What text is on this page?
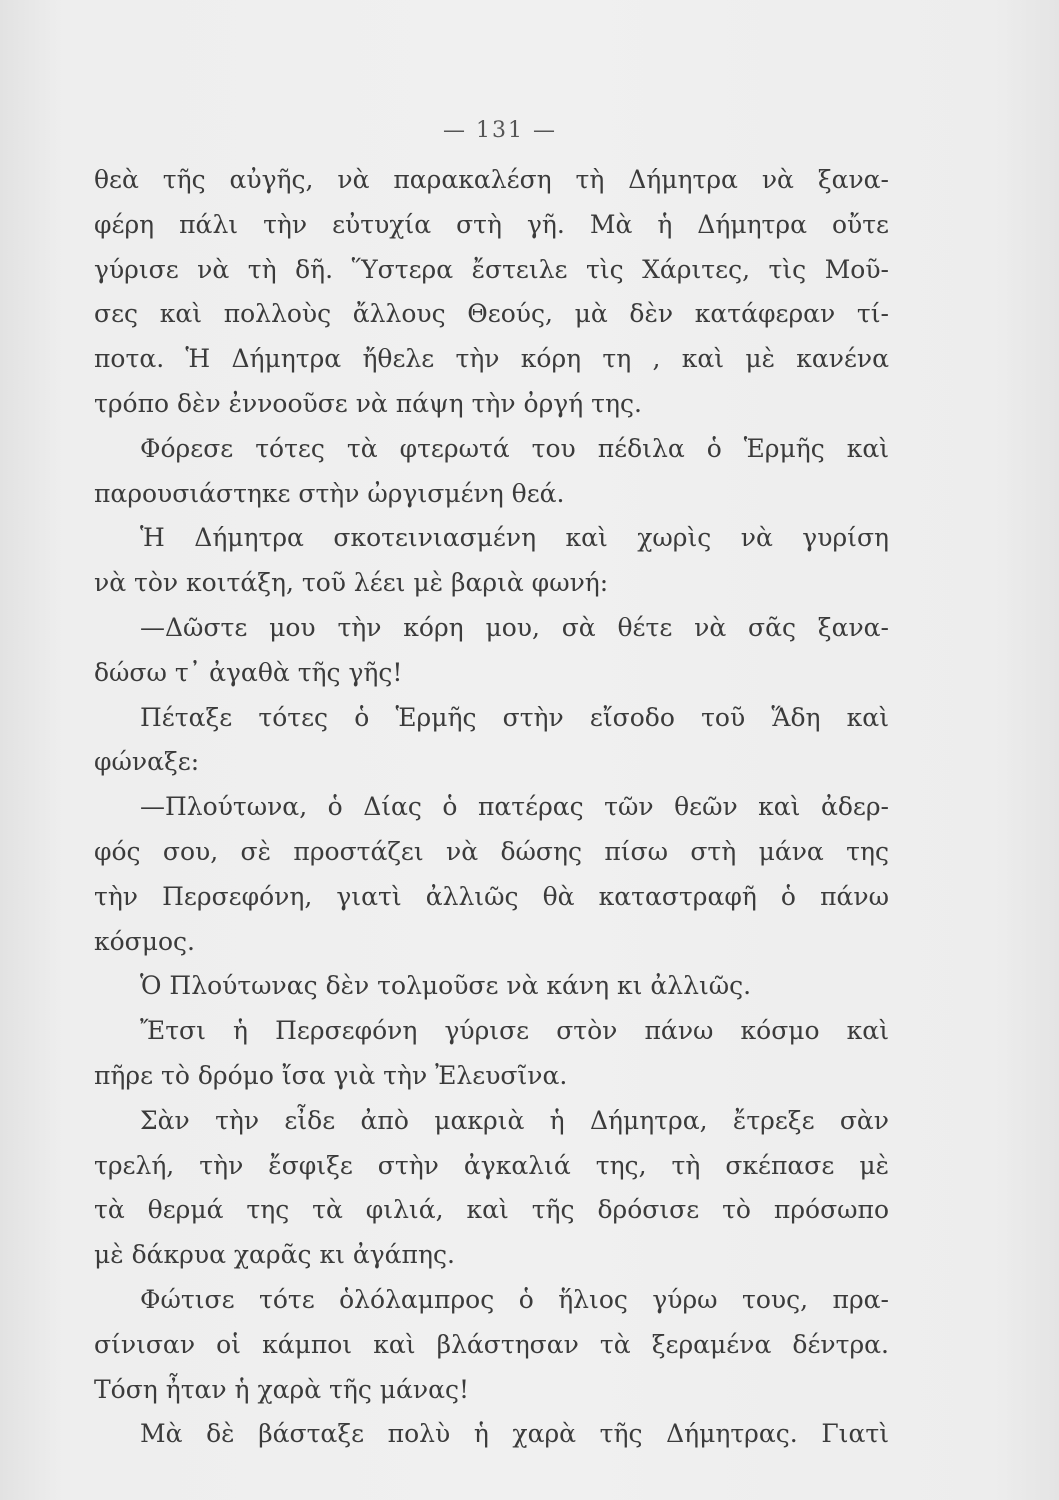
— 131 —
θεὰ τῆς αὐγῆς, νὰ παρακαλέση τὴ Δήμητρα νὰ ξανα-
φέρη πάλι τὴν εὐτυχία στὴ γῆ. Μὰ ἡ Δήμητρα οὔτε
γύρισε νὰ τὴ δῆ. Ὕστερα ἔστειλε τὶς Χάριτες, τὶς Μοῦ-
σες καὶ πολλοὺς ἄλλους Θεούς, μὰ δὲν κατάφεραν τί-
ποτα. Ἡ Δήμητρα ἤθελε τὴν κόρη τη , καὶ μὲ κανένα
τρόπο δὲν ἐννοοῦσε νὰ πάψη τὴν ὀργή της.
Φόρεσε τότες τὰ φτερωτά του πέδιλα ὁ Ἑρμῆς καὶ
παρουσιάστηκε στὴν ὠργισμένη θεά.
Ἡ Δήμητρα σκοτεινιασμένη καὶ χωρὶς νὰ γυρίση
νὰ τὸν κοιτάξη, τοῦ λέει μὲ βαριὰ φωνή:
—Δῶστε μου τὴν κόρη μου, σὰ θέτε νὰ σᾶς ξανα-
δώσω τ᾿ ἀγαθὰ τῆς γῆς!
Πέταξε τότες ὁ Ἑρμῆς στὴν εἴσοδο τοῦ Ἅδη καὶ
φώναξε:
—Πλούτωνα, ὁ Δίας ὁ πατέρας τῶν θεῶν καὶ ἀδερ-
φός σου, σὲ προστάζει νὰ δώσης πίσω στὴ μάνα της
τὴν Περσεφόνη, γιατὶ ἀλλιῶς θὰ καταστραφῆ ὁ πάνω
κόσμος.
Ὁ Πλούτωνας δὲν τολμοῦσε νὰ κάνη κι ἀλλιῶς.
Ἔτσι ἡ Περσεφόνη γύρισε στὸν πάνω κόσμο καὶ
πῆρε τὸ δρόμο ἴσα γιὰ τὴν Ἐλευσῖνα.
Σὰν τὴν εἶδε ἀπὸ μακριὰ ἡ Δήμητρα, ἔτρεξε σὰν
τρελή, τὴν ἔσφιξε στὴν ἀγκαλιά της, τὴ σκέπασε μὲ
τὰ θερμά της τὰ φιλιά, καὶ τῆς δρόσισε τὸ πρόσωπο
μὲ δάκρυα χαρᾶς κι ἀγάπης.
Φώτισε τότε ὁλόλαμπρος ὁ ἥλιος γύρω τους, πρα-
σίνισαν οἱ κάμποι καὶ βλάστησαν τὰ ξεραμένα δέντρα.
Τόση ἦταν ἡ χαρὰ τῆς μάνας!
Μὰ δὲ βάσταξε πολὺ ἡ χαρὰ τῆς Δήμητρας. Γιατὶ
